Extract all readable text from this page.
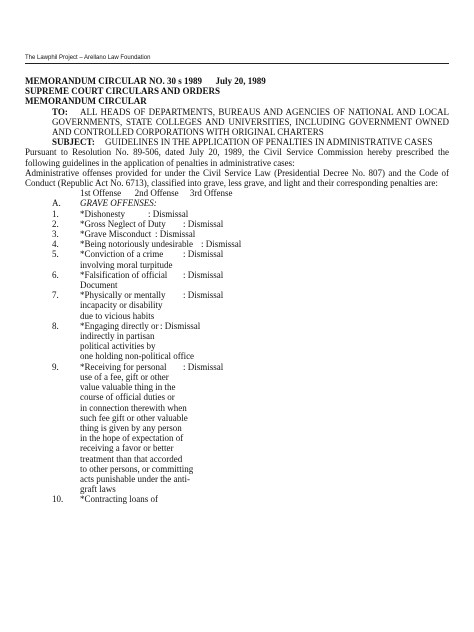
The Lawphil Project – Arellano Law Foundation
MEMORANDUM CIRCULAR NO. 30 s 1989      July 20, 1989
SUPREME COURT CIRCULARS AND ORDERS
MEMORANDUM CIRCULAR
TO:	ALL HEADS OF DEPARTMENTS, BUREAUS AND AGENCIES OF NATIONAL AND LOCAL GOVERNMENTS, STATE COLLEGES AND UNIVERSITIES, INCLUDING GOVERNMENT OWNED AND CONTROLLED CORPORATIONS WITH ORIGINAL CHARTERS
SUBJECT:	GUIDELINES IN THE APPLICATION OF PENALTIES IN ADMINISTRATIVE CASES
Pursuant to Resolution No. 89-506, dated July 20, 1989, the Civil Service Commission hereby prescribed the following guidelines in the application of penalties in administrative cases:
Administrative offenses provided for under the Civil Service Law (Presidential Decree No. 807) and the Code of Conduct (Republic Act No. 6713), classified into grave, less grave, and light and their corresponding penalties are:
1st Offense      2nd Offense     3rd Offense
A.	GRAVE OFFENSES:
1.	*Dishonesty	: Dismissal
2.	*Gross Neglect of Duty	: Dismissal
3.	*Grave Misconduct : Dismissal
4.	*Being notoriously undesirable : Dismissal
5.	*Conviction of a crime	: Dismissal
involving moral turpitude
6.	*Falsification of official	: Dismissal
Document
7.	*Physically or mentally	: Dismissal
incapacity or disability
due to vicious habits
8.	*Engaging directly or : Dismissal
indirectly in partisan
political activities by
one holding non-political office
9.	*Receiving for personal	: Dismissal
use of a fee, gift or other
value valuable thing in the
course of official duties or
in connection therewith when
such fee gift or other valuable
thing is given by any person
in the hope of expectation of
receiving a favor or better
treatment than that accorded
to other persons, or committing
acts punishable under the anti-
graft laws
10.	*Contracting loans of
